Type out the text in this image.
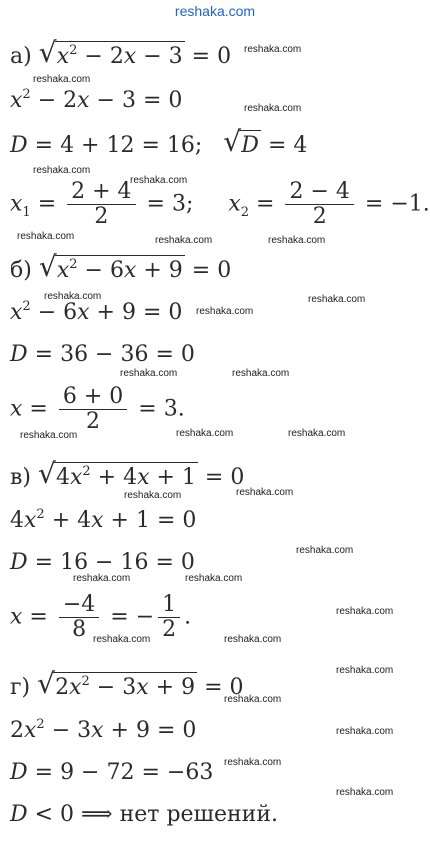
reshaka.com
а) √ $x^2 - 2x - 3 = 0$
$x^2 - 2x - 3 = 0$
D = 4 + 12 = 16; √ D = 4
$x_1 = \frac{2 + 4}{2} = 3$; $x_2 = \frac{2 - 4}{2} = -1$.
б) √ $x^2 - 6x + 9 = 0$
$x^2 - 6x + 9 = 0$
D = 36 − 36 = 0
$x = \frac{6 + 0}{2} = 3$.
в) √ $4x^2 + 4x + 1 = 0$
$4x^2 + 4x + 1 = 0$
D = 16 − 16 = 0
$x = \frac{-4}{8}$ = − $\frac{1}{2}$ .
г) √ $2x^2 - 3x + 9 = 0$
$2x^2 - 3x + 9 = 0$
D = 9 − 72 = −63
D < 0 ⟹ нет решений.
reshaka.com
reshaka.com
reshaka.com
reshaka.com
reshaka.com
reshaka.com	reshaka.com	reshaka.com
reshaka.com
reshaka.com
reshaka.com
reshaka.com	reshaka.com
reshaka.com	reshaka.com	reshaka.com
reshaka.com	reshaka.com
reshaka.com
reshaka.com	reshaka.com
reshaka.com
reshaka.com	reshaka.com
reshaka.com
reshaka.com
reshaka.com
reshaka.com
reshaka.com
